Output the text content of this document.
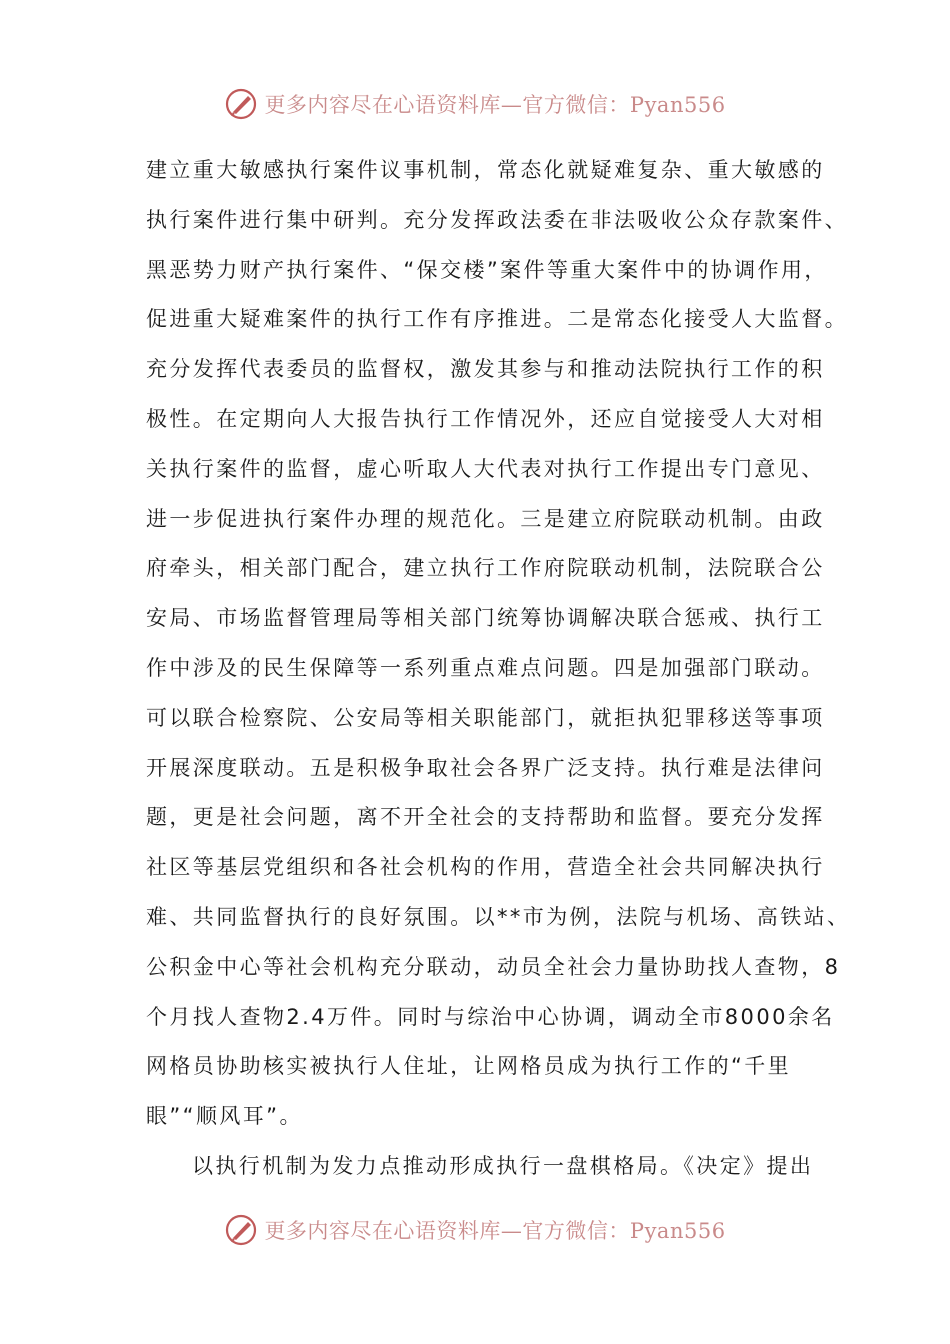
更多内容尽在心语资料库—官方微信：Pyan556
建立重大敏感执行案件议事机制，常态化就疑难复杂、重大敏感的
执行案件进行集中研判。充分发挥政法委在非法吸收公众存款案件、
黑恶势力财产执行案件、“保交楼”案件等重大案件中的协调作用，
促进重大疑难案件的执行工作有序推进。二是常态化接受人大监督。
充分发挥代表委员的监督权，激发其参与和推动法院执行工作的积
极性。在定期向人大报告执行工作情况外，还应自觉接受人大对相
关执行案件的监督，虚心听取人大代表对执行工作提出专门意见、
进一步促进执行案件办理的规范化。三是建立府院联动机制。由政
府牵头，相关部门配合，建立执行工作府院联动机制，法院联合公
安局、市场监督管理局等相关部门统筹协调解决联合惩戒、执行工
作中涉及的民生保障等一系列重点难点问题。四是加强部门联动。
可以联合检察院、公安局等相关职能部门，就拒执犯罪移送等事项
开展深度联动。五是积极争取社会各界广泛支持。执行难是法律问
题，更是社会问题，离不开全社会的支持帮助和监督。要充分发挥
社区等基层党组织和各社会机构的作用，营造全社会共同解决执行
难、共同监督执行的良好氛围。以**市为例，法院与机场、高铁站、
公积金中心等社会机构充分联动，动员全社会力量协助找人查物，8
个月找人查物2.4万件。同时与综治中心协调，调动全市8000余名
网格员协助核实被执行人住址，让网格员成为执行工作的“千里
眼”“顺风耳”。
以执行机制为发力点推动形成执行一盘棋格局。《决定》提出
更多内容尽在心语资料库—官方微信：Pyan556
